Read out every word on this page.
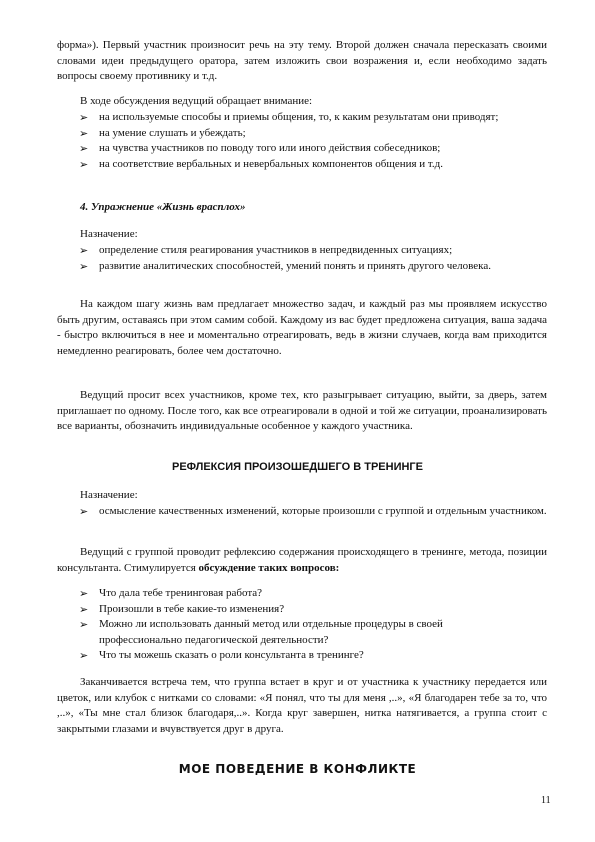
форма»). Первый участник произносит речь на эту тему. Второй должен сначала пересказать своими словами идеи предыдущего оратора, затем изложить свои возражения и, если необходимо задать вопросы своему противнику и т.д.

В ходе обсуждения ведущий обращает внимание:

➢ на используемые способы и приемы общения, то, к каким результатам они приводят;
➢ на умение слушать и убеждать;
➢ на чувства участников по поводу того или иного действия собеседников;
➢ на соответствие вербальных и невербальных компонентов общения и т.д.

4. Упражнение «Жизнь врасплох»

Назначение:

➢ определение стиля реагирования участников в непредвиденных ситуациях;
➢ развитие аналитических способностей, умений понять и принять другого человека.

На каждом шагу жизнь вам предлагает множество задач, и каждый раз мы проявляем искусство быть другим, оставаясь при этом самим собой. Каждому из вас будет предложена ситуация, ваша задача - быстро включиться в нее и моментально отреагировать, ведь в жизни случаев, когда вам приходится немедленно реагировать, более чем достаточно.

Ведущий просит всех участников, кроме тех, кто разыгрывает ситуацию, выйти, за дверь, затем приглашает по одному. После того, как все отреагировали в одной и той же ситуации, проанализировать все варианты, обозначить индивидуальные особенное у каждого участника.

РЕФЛЕКСИЯ ПРОИЗОШЕДШЕГО В ТРЕНИНГЕ

Назначение:

➢ осмысление качественных изменений, которые произошли с группой и отдельным участником.

Ведущий с группой проводит рефлексию содержания происходящего в тренинге, метода, позиции консультанта. Стимулируется обсуждение таких вопросов:

➢ Что дала тебе тренинговая работа?
➢ Произошли в тебе какие-то изменения?
➢ Можно ли использовать данный метод или отдельные процедуры в своей профессионально педагогической деятельности?
➢ Что ты можешь сказать о роли консультанта в тренинге?

Заканчивается встреча тем, что группа встает в круг и от участника к участнику передается или цветок, или клубок с нитками со словами: «Я понял, что ты для меня ,..», «Я благодарен тебе за то, что ,..», «Ты мне стал близок благодаря,..». Когда круг завершен, нитка натягивается, а группа стоит с закрытыми глазами и вчувствуется друг в друга.

МОЕ ПОВЕДЕНИЕ В КОНФЛИКТЕ
11
